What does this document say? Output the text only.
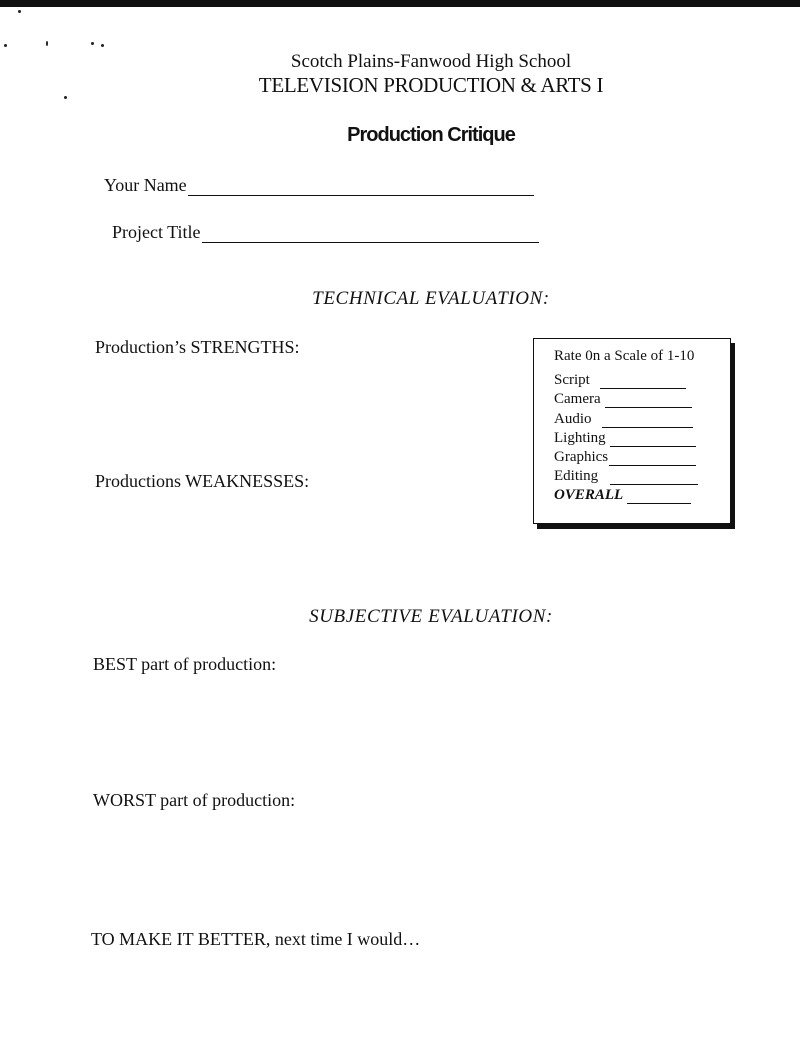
Scotch Plains-Fanwood High School
TELEVISION PRODUCTION & ARTS I
Production Critique
Your Name
Project Title
TECHNICAL EVALUATION:
Production’s STRENGTHS:
Productions WEAKNESSES:
Rate 0n a Scale of 1-10
Script
Camera
Audio
Lighting
Graphics
Editing
OVERALL
SUBJECTIVE EVALUATION:
BEST part of production:
WORST part of production:
TO MAKE IT BETTER, next time I would…
